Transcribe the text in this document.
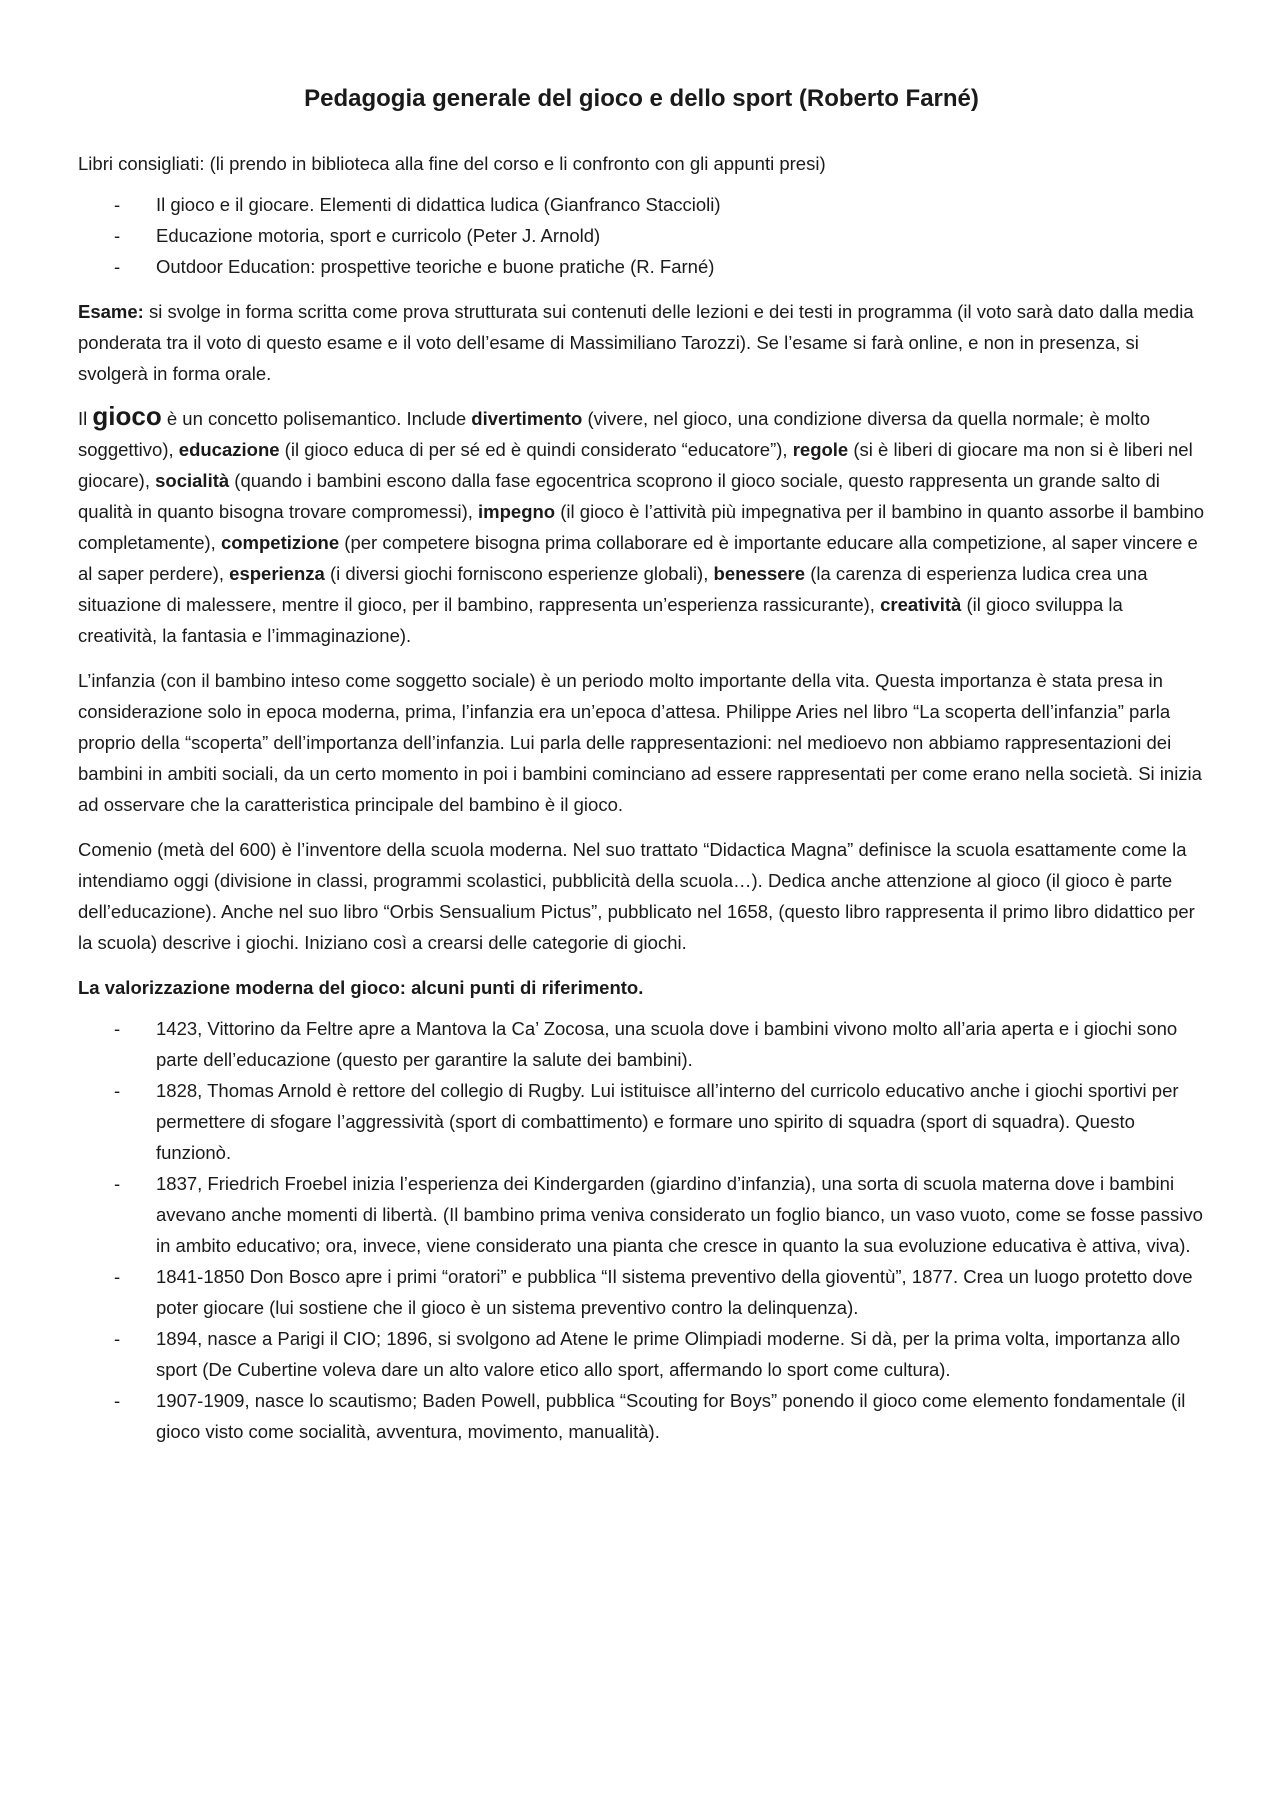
Pedagogia generale del gioco e dello sport (Roberto Farné)

Libri consigliati: (li prendo in biblioteca alla fine del corso e li confronto con gli appunti presi)

- Il gioco e il giocare. Elementi di didattica ludica (Gianfranco Staccioli)
- Educazione motoria, sport e curricolo (Peter J. Arnold)
- Outdoor Education: prospettive teoriche e buone pratiche (R. Farné)

Esame: si svolge in forma scritta come prova strutturata sui contenuti delle lezioni e dei testi in programma (il voto sarà dato dalla media ponderata tra il voto di questo esame e il voto dell’esame di Massimiliano Tarozzi). Se l’esame si farà online, e non in presenza, si svolgerà in forma orale.

Il gioco è un concetto polisemantico. Include divertimento (vivere, nel gioco, una condizione diversa da quella normale; è molto soggettivo), educazione (il gioco educa di per sé ed è quindi considerato “educatore”), regole (si è liberi di giocare ma non si è liberi nel giocare), socialità (quando i bambini escono dalla fase egocentrica scoprono il gioco sociale, questo rappresenta un grande salto di qualità in quanto bisogna trovare compromessi), impegno (il gioco è l’attività più impegnativa per il bambino in quanto assorbe il bambino completamente), competizione (per competere bisogna prima collaborare ed è importante educare alla competizione, al saper vincere e al saper perdere), esperienza (i diversi giochi forniscono esperienze globali), benessere (la carenza di esperienza ludica crea una situazione di malessere, mentre il gioco, per il bambino, rappresenta un’esperienza rassicurante), creatività (il gioco sviluppa la creatività, la fantasia e l’immaginazione).

L’infanzia (con il bambino inteso come soggetto sociale) è un periodo molto importante della vita. Questa importanza è stata presa in considerazione solo in epoca moderna, prima, l’infanzia era un’epoca d’attesa. Philippe Aries nel libro “La scoperta dell’infanzia” parla proprio della “scoperta” dell’importanza dell’infanzia. Lui parla delle rappresentazioni: nel medioevo non abbiamo rappresentazioni dei bambini in ambiti sociali, da un certo momento in poi i bambini cominciano ad essere rappresentati per come erano nella società. Si inizia ad osservare che la caratteristica principale del bambino è il gioco.

Comenio (metà del 600) è l’inventore della scuola moderna. Nel suo trattato “Didactica Magna” definisce la scuola esattamente come la intendiamo oggi (divisione in classi, programmi scolastici, pubblicità della scuola…). Dedica anche attenzione al gioco (il gioco è parte dell’educazione). Anche nel suo libro “Orbis Sensualium Pictus”, pubblicato nel 1658, (questo libro rappresenta il primo libro didattico per la scuola) descrive i giochi. Iniziano così a crearsi delle categorie di giochi.

La valorizzazione moderna del gioco: alcuni punti di riferimento.

- 1423, Vittorino da Feltre apre a Mantova la Ca’ Zocosa, una scuola dove i bambini vivono molto all’aria aperta e i giochi sono parte dell’educazione (questo per garantire la salute dei bambini).
- 1828, Thomas Arnold è rettore del collegio di Rugby. Lui istituisce all’interno del curricolo educativo anche i giochi sportivi per permettere di sfogare l’aggressività (sport di combattimento) e formare uno spirito di squadra (sport di squadra). Questo funzionò.
- 1837, Friedrich Froebel inizia l’esperienza dei Kindergarden (giardino d’infanzia), una sorta di scuola materna dove i bambini avevano anche momenti di libertà. (Il bambino prima veniva considerato un foglio bianco, un vaso vuoto, come se fosse passivo in ambito educativo; ora, invece, viene considerato una pianta che cresce in quanto la sua evoluzione educativa è attiva, viva).
- 1841-1850 Don Bosco apre i primi “oratori” e pubblica “Il sistema preventivo della gioventù”, 1877. Crea un luogo protetto dove poter giocare (lui sostiene che il gioco è un sistema preventivo contro la delinquenza).
- 1894, nasce a Parigi il CIO; 1896, si svolgono ad Atene le prime Olimpiadi moderne. Si dà, per la prima volta, importanza allo sport (De Cubertine voleva dare un alto valore etico allo sport, affermando lo sport come cultura).
- 1907-1909, nasce lo scautismo; Baden Powell, pubblica “Scouting for Boys” ponendo il gioco come elemento fondamentale (il gioco visto come socialità, avventura, movimento, manualità).
